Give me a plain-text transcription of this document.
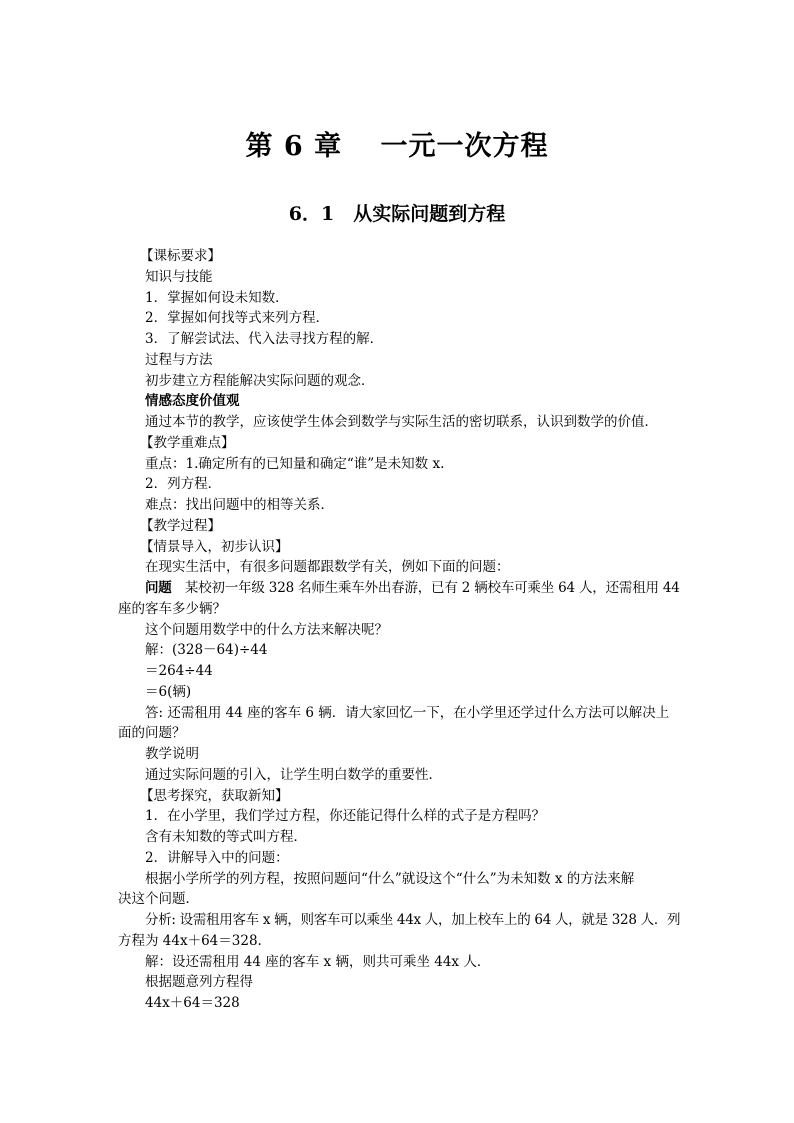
第 6 章　 一元一次方程
6．1　从实际问题到方程
【课标要求】
知识与技能
1．掌握如何设未知数．
2．掌握如何找等式来列方程．
3．了解尝试法、代入法寻找方程的解．
过程与方法
初步建立方程能解决实际问题的观念．
情感态度价值观
通过本节的教学，应该使学生体会到数学与实际生活的密切联系，认识到数学的价值．
【教学重难点】
重点：1.确定所有的已知量和确定“谁”是未知数 x.
2．列方程．
难点：找出问题中的相等关系．
【教学过程】
【情景导入，初步认识】
在现实生活中，有很多问题都跟数学有关，例如下面的问题：
问题　某校初一年级 328 名师生乘车外出春游，已有 2 辆校车可乘坐 64 人，还需租用 44
座的客车多少辆？
这个问题用数学中的什么方法来解决呢？
解：(328－64)÷44
＝264÷44
＝6(辆)
答: 还需租用 44 座的客车 6 辆．请大家回忆一下，在小学里还学过什么方法可以解决上
面的问题？
教学说明
通过实际问题的引入，让学生明白数学的重要性．
【思考探究，获取新知】
1．在小学里，我们学过方程，你还能记得什么样的式子是方程吗？
含有未知数的等式叫方程．
2．讲解导入中的问题：
根据小学所学的列方程，按照问题问“什么”就设这个“什么”为未知数 x 的方法来解
决这个问题．
分析: 设需租用客车 x 辆，则客车可以乘坐 44x 人，加上校车上的 64 人，就是 328 人．列
方程为 44x＋64＝328.
解：设还需租用 44 座的客车 x 辆，则共可乘坐 44x 人．
根据题意列方程得
44x＋64＝328
